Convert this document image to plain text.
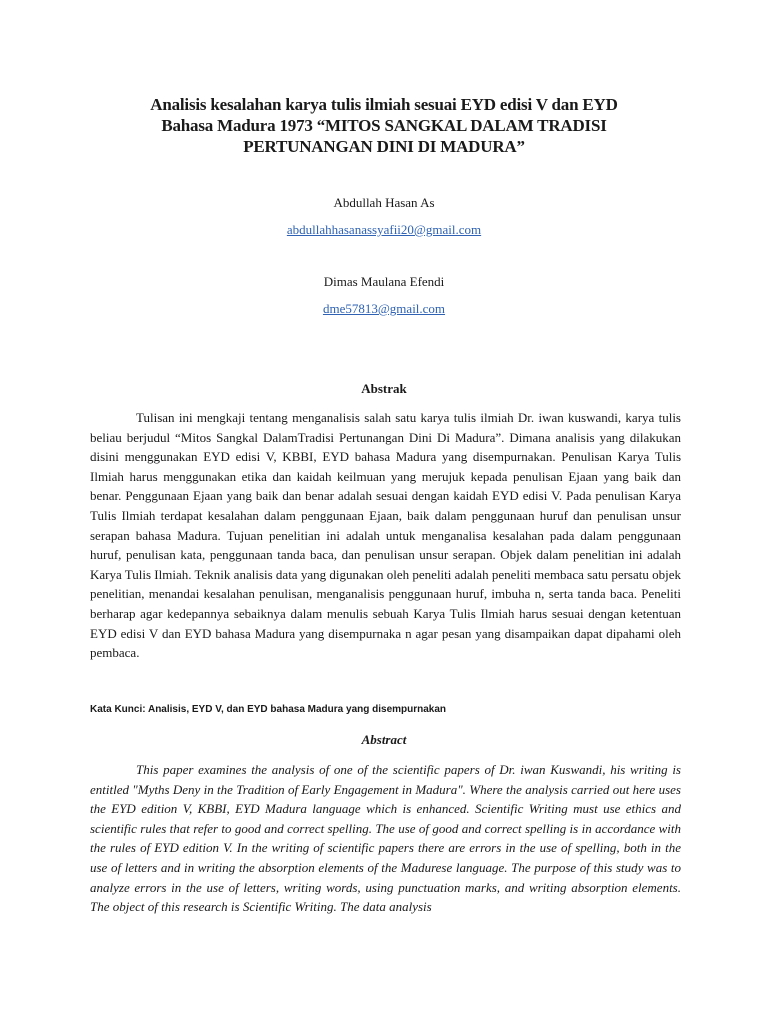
Analisis kesalahan karya tulis ilmiah sesuai EYD edisi V dan EYD
Bahasa Madura 1973 “MITOS SANGKAL DALAM TRADISI
PERTUNANGAN DINI DI MADURA”
Abdullah Hasan As
abdullahhasanassyafii20@gmail.com
Dimas Maulana Efendi
dme57813@gmail.com
Abstrak

Tulisan ini mengkaji tentang menganalisis salah satu karya tulis ilmiah Dr. iwan kuswandi, karya tulis beliau berjudul “Mitos Sangkal DalamTradisi Pertunangan Dini Di Madura”. Dimana analisis yang dilakukan disini menggunakan EYD edisi V, KBBI, EYD bahasa Madura yang disempurnakan. Penulisan Karya Tulis Ilmiah harus menggunakan etika dan kaidah keilmuan yang merujuk kepada penulisan Ejaan yang baik dan benar. Penggunaan Ejaan yang baik dan benar adalah sesuai dengan kaidah EYD edisi V. Pada penulisan Karya Tulis Ilmiah terdapat kesalahan dalam penggunaan Ejaan, baik dalam penggunaan huruf dan penulisan unsur serapan bahasa Madura. Tujuan penelitian ini adalah untuk menganalisa kesalahan pada dalam penggunaan huruf, penulisan kata, penggunaan tanda baca, dan penulisan unsur serapan. Objek dalam penelitian ini adalah Karya Tulis Ilmiah. Teknik analisis data yang digunakan oleh peneliti adalah peneliti membaca satu persatu objek penelitian, menandai kesalahan penulisan, menganalisis penggunaan huruf, imbuha n, serta tanda baca. Peneliti berharap agar kedepannya sebaiknya dalam menulis sebuah Karya Tulis Ilmiah harus sesuai dengan ketentuan EYD edisi V dan EYD bahasa Madura yang disempurnaka n agar pesan yang disampaikan dapat dipahami oleh pembaca.

Kata Kunci: Analisis, EYD V, dan EYD bahasa Madura yang disempurnakan
Abstract

This paper examines the analysis of one of the scientific papers of Dr. iwan Kuswandi, his writing is entitled "Myths Deny in the Tradition of Early Engagement in Madura". Where the analysis carried out here uses the EYD edition V, KBBI, EYD Madura language which is enhanced. Scientific Writing must use ethics and scientific rules that refer to good and correct spelling. The use of good and correct spelling is in accordance with the rules of EYD edition V. In the writing of scientific papers there are errors in the use of spelling, both in the use of letters and in writing the absorption elements of the Madurese language. The purpose of this study was to analyze errors in the use of letters, writing words, using punctuation marks, and writing absorption elements. The object of this research is Scientific Writing. The data analysis
